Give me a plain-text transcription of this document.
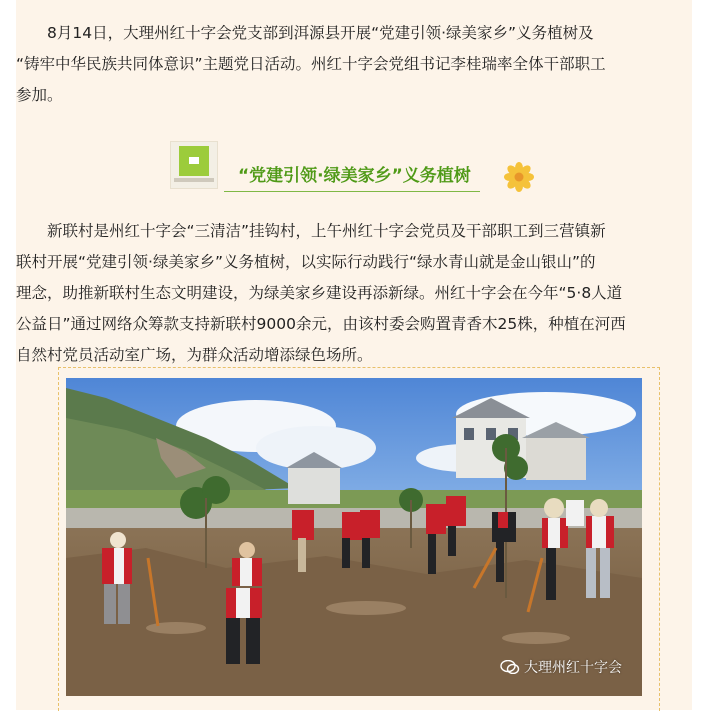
8月14日，大理州红十字会党支部到洱源县开展“党建引领·绿美家乡”义务植树及
“铸牢中华民族共同体意识”主题党日活动。州红十字会党组书记李桂瑞率全体干部职工
参加。
“党建引领·绿美家乡”义务植树
新联村是州红十字会“三清洁”挂钩村，上午州红十字会党员及干部职工到三营镇新
联村开展“党建引领·绿美家乡”义务植树，以实际行动践行“绿水青山就是金山银山”的
理念，助推新联村生态文明建设，为绿美家乡建设再添新绿。州红十字会在今年“5·8人道
公益日”通过网络众筹款支持新联村9000余元，由该村委会购置青香木25株，种植在河西
自然村党员活动室广场，为群众活动增添绿色场所。
大理州红十字会
